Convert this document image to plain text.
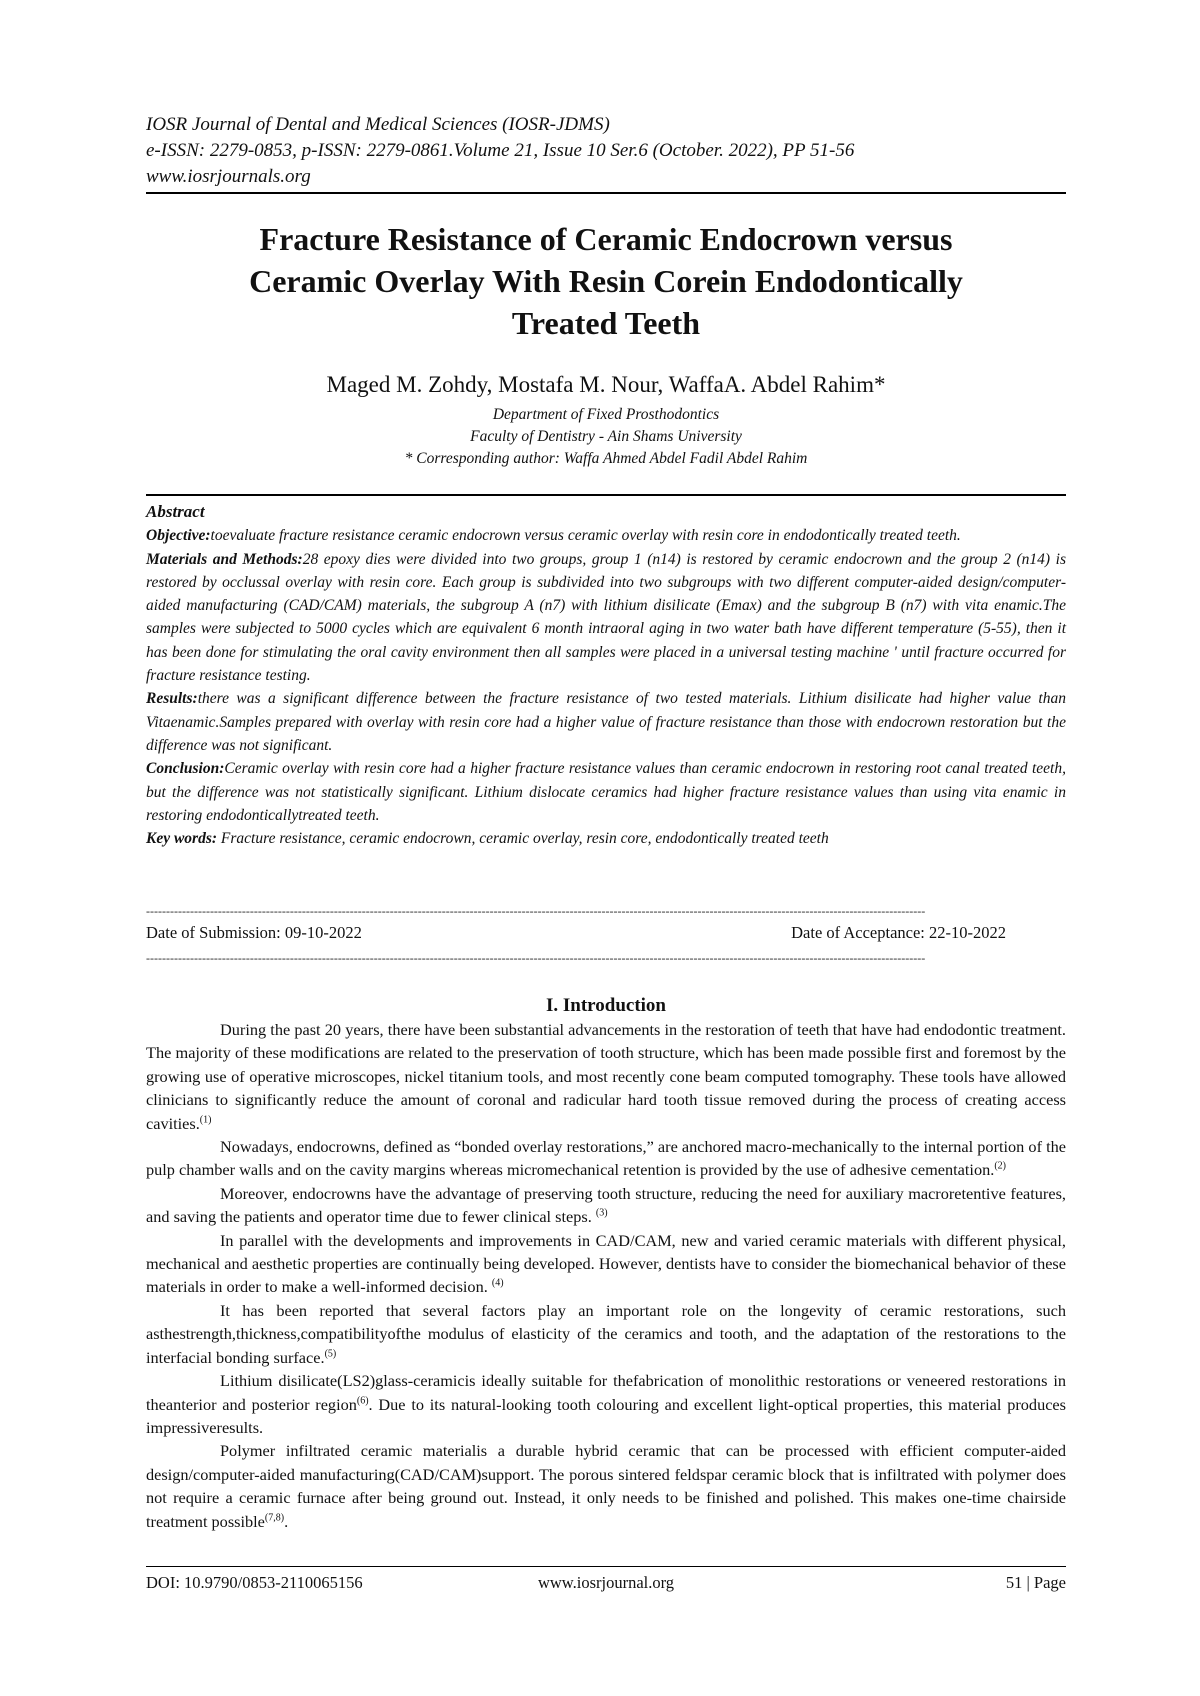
IOSR Journal of Dental and Medical Sciences (IOSR-JDMS)
e-ISSN: 2279-0853, p-ISSN: 2279-0861.Volume 21, Issue 10 Ser.6 (October. 2022), PP 51-56
www.iosrjournals.org
Fracture Resistance of Ceramic Endocrown versus
Ceramic Overlay With Resin Corein Endodontically
Treated Teeth
Maged M. Zohdy, Mostafa M. Nour, WaffaA. Abdel Rahim*
Department of Fixed Prosthodontics
Faculty of Dentistry - Ain Shams University
* Corresponding author: Waffa Ahmed Abdel Fadil Abdel Rahim

Abstract

Objective:toevaluate fracture resistance ceramic endocrown versus ceramic overlay with resin core in endodontically treated teeth.

Materials and Methods:28 epoxy dies were divided into two groups, group 1 (n14) is restored by ceramic endocrown and the group 2 (n14) is restored by occlussal overlay with resin core. Each group is subdivided into two subgroups with two different computer-aided design/computer-aided manufacturing (CAD/CAM) materials, the subgroup A (n7) with lithium disilicate (Emax) and the subgroup B (n7) with vita enamic.The samples were subjected to 5000 cycles which are equivalent 6 month intraoral aging in two water bath have different temperature (5-55), then it has been done for stimulating the oral cavity environment then all samples were placed in a universal testing machine ' until fracture occurred for fracture resistance testing.

Results:there was a significant difference between the fracture resistance of two tested materials. Lithium disilicate had higher value than Vitaenamic.Samples prepared with overlay with resin core had a higher value of fracture resistance than those with endocrown restoration but the difference was not significant.

Conclusion:Ceramic overlay with resin core had a higher fracture resistance values than ceramic endocrown in restoring root canal treated teeth, but the difference was not statistically significant. Lithium dislocate ceramics had higher fracture resistance values than using vita enamic in restoring endodonticallytreated teeth.

Key words: Fracture resistance, ceramic endocrown, ceramic overlay, resin core, endodontically treated teeth

---------------------------------------------------------------------------------------------------------------------------------------------------------------------------------------------------
Date of Submission: 09-10-2022	Date of Acceptance: 22-10-2022
---------------------------------------------------------------------------------------------------------------------------------------------------------------------------------------------------
I. Introduction

During the past 20 years, there have been substantial advancements in the restoration of teeth that have had endodontic treatment. The majority of these modifications are related to the preservation of tooth structure, which has been made possible first and foremost by the growing use of operative microscopes, nickel titanium tools, and most recently cone beam computed tomography. These tools have allowed clinicians to significantly reduce the amount of coronal and radicular hard tooth tissue removed during the process of creating access cavities.$^{(1)}$

Nowadays, endocrowns, defined as “bonded overlay restorations,” are anchored macro-mechanically to the internal portion of the pulp chamber walls and on the cavity margins whereas micromechanical retention is provided by the use of adhesive cementation.$^{(2)}$

Moreover, endocrowns have the advantage of preserving tooth structure, reducing the need for auxiliary macroretentive features, and saving the patients and operator time due to fewer clinical steps. $^{(3)}$

In parallel with the developments and improvements in CAD/CAM, new and varied ceramic materials with different physical, mechanical and aesthetic properties are continually being developed. However, dentists have to consider the biomechanical behavior of these materials in order to make a well-informed decision. $^{(4)}$

It has been reported that several factors play an important role on the longevity of ceramic restorations, such asthestrength,thickness,compatibilityofthe modulus of elasticity of the ceramics and tooth, and the adaptation of the restorations to the interfacial bonding surface.$^{(5)}$

Lithium disilicate(LS2)glass-ceramicis ideally suitable for thefabrication of monolithic restorations or veneered restorations in theanterior and posterior region$^{(6)}$. Due to its natural-looking tooth colouring and excellent light-optical properties, this material produces impressiveresults.

Polymer infiltrated ceramic materialis a durable hybrid ceramic that can be processed with efficient computer-aided design/computer-aided manufacturing(CAD/CAM)support. The porous sintered feldspar ceramic block that is infiltrated with polymer does not require a ceramic furnace after being ground out. Instead, it only needs to be finished and polished. This makes one-time chairside treatment possible$^{(7,8)}$.

DOI: 10.9790/0853-2110065156	www.iosrjournal.org	51 | Page
